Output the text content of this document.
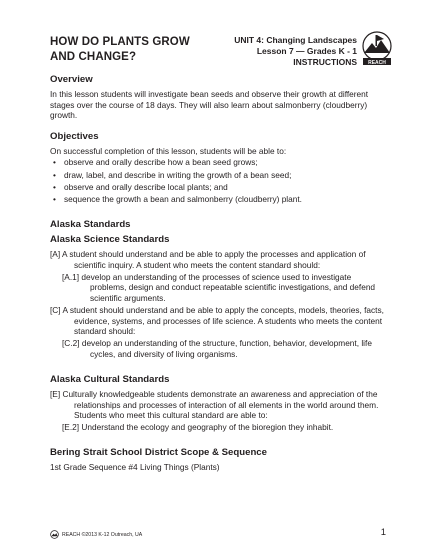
HOW DO PLANTS GROW
AND CHANGE?
UNIT 4: Changing Landscapes
Lesson 7 — Grades K - 1
INSTRUCTIONS REACH
Overview

In this lesson students will investigate bean seeds and observe their growth at different stages over the course of 18 days. They will also learn about salmonberry (cloudberry) growth.

Objectives

On successful completion of this lesson, students will be able to:

• observe and orally describe how a bean seed grows;
• draw, label, and describe in writing the growth of a bean seed;
• observe and orally describe local plants; and
• sequence the growth a bean and salmonberry (cloudberry) plant.
Alaska Standards
Alaska Science Standards

[A] A student should understand and be able to apply the processes and application of scientific inquiry. A student who meets the content standard should:

[A.1] develop an understanding of the processes of science used to investigate problems, design and conduct repeatable scientific investigations, and defend scientific arguments.

[C] A student should understand and be able to apply the concepts, models, theories, facts, evidence, systems, and processes of life science. A students who meets the content standard should:

[C.2] develop an understanding of the structure, function, behavior, development, life cycles, and diversity of living organisms.

Alaska Cultural Standards

[E] Culturally knowledgeable students demonstrate an awareness and appreciation of the relationships and processes of interaction of all elements in the world around them. Students who meet this cultural standard are able to:

[E.2] Understand the ecology and geography of the bioregion they inhabit.

Bering Strait School District Scope & Sequence

1st Grade Sequence #4 Living Things (Plants)

REACH ©2013 K-12 Outreach, UA	1
